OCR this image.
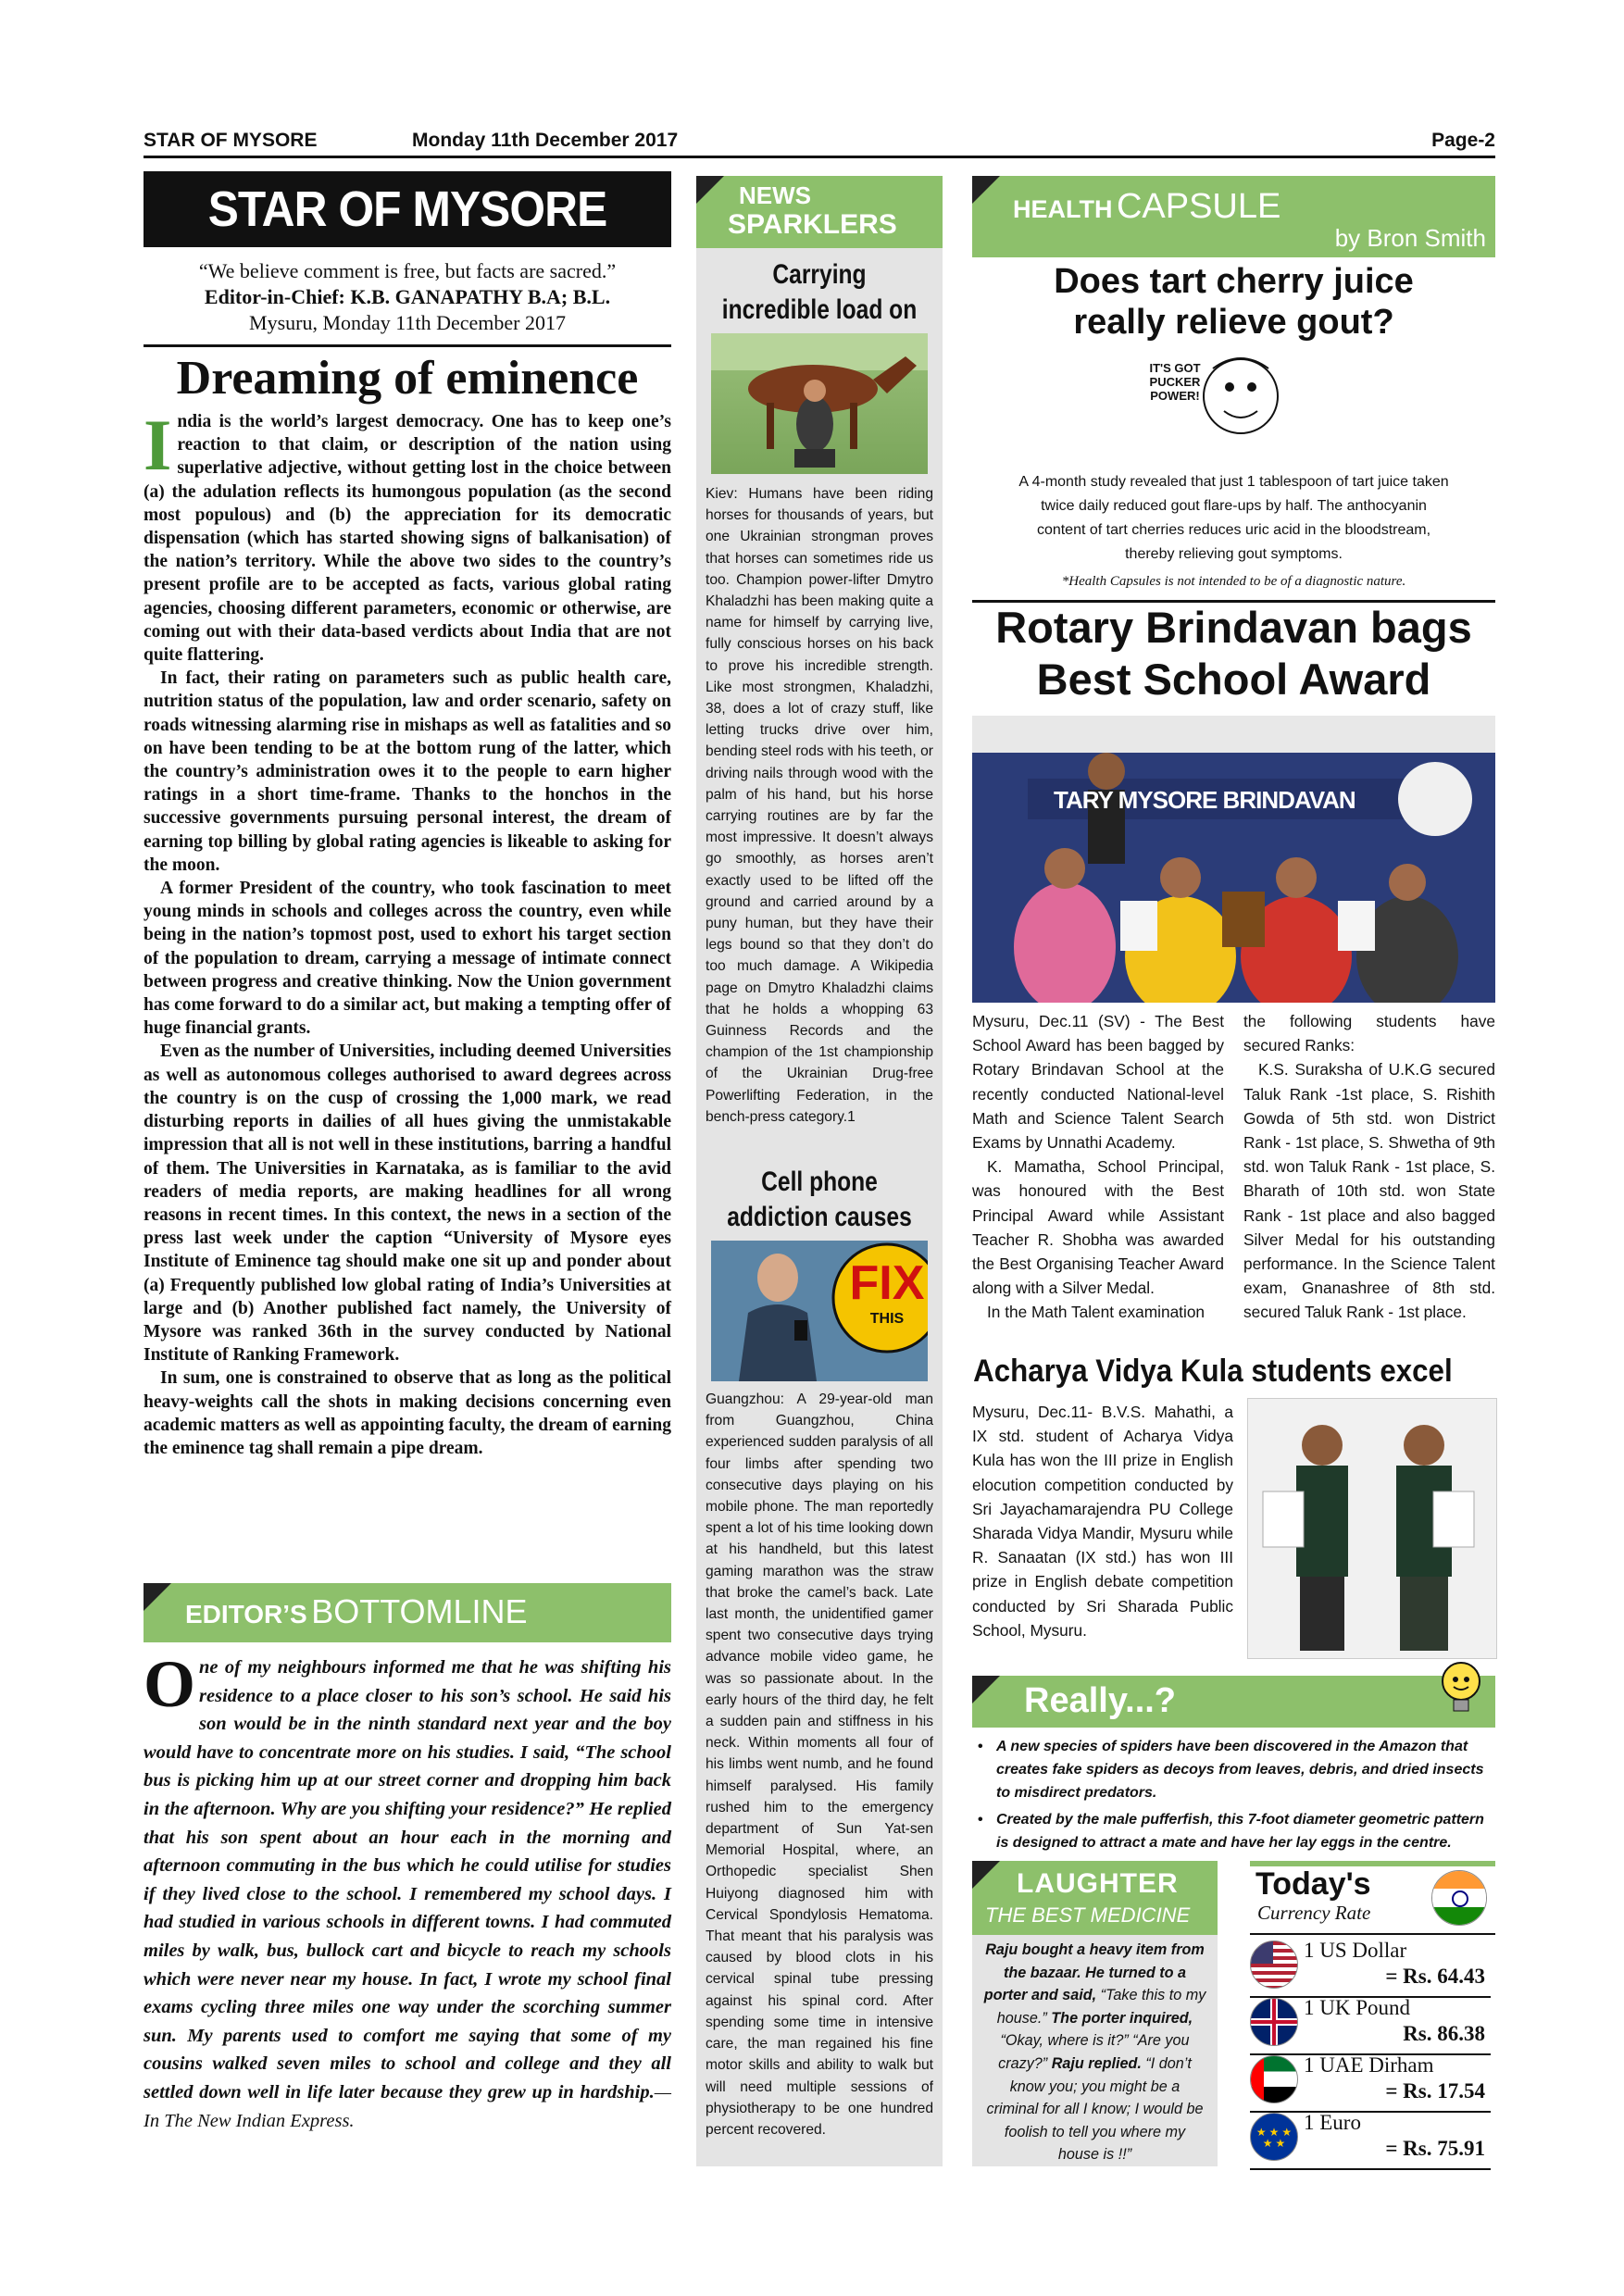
STAR OF MYSORE	Monday 11th December 2017	Page-2
STAR OF MYSORE
“We believe comment is free, but facts are sacred.”
Editor-in-Chief: K.B. GANAPATHY B.A; B.L.
Mysuru, Monday 11th December 2017
Dreaming of eminence

India is the world’s largest democracy. One has to keep one’s reaction to that claim, or description of the nation using superlative adjective, without getting lost in the choice between (a) the adulation reflects its humongous population (as the second most populous) and (b) the appreciation for its democratic dispensation (which has started showing signs of balkanisation) of the nation’s territory. While the above two sides to the country’s present profile are to be accepted as facts, various global rating agencies, choosing different parameters, economic or otherwise, are coming out with their data-based verdicts about India that are not quite flattering.

In fact, their rating on parameters such as public health care, nutrition status of the population, law and order scenario, safety on roads witnessing alarming rise in mishaps as well as fatalities and so on have been tending to be at the bottom rung of the latter, which the country’s administration owes it to the people to earn higher ratings in a short time-frame. Thanks to the honchos in the successive governments pursuing personal interest, the dream of earning top billing by global rating agencies is likeable to asking for the moon.

A former President of the country, who took fascination to meet young minds in schools and colleges across the country, even while being in the nation’s topmost post, used to exhort his target section of the population to dream, carrying a message of intimate connect between progress and creative thinking. Now the Union government has come forward to do a similar act, but making a tempting offer of huge financial grants.

Even as the number of Universities, including deemed Universities as well as autonomous colleges authorised to award degrees across the country is on the cusp of crossing the 1,000 mark, we read disturbing reports in dailies of all hues giving the unmistakable impression that all is not well in these institutions, barring a handful of them. The Universities in Karnataka, as is familiar to the avid readers of media reports, are making headlines for all wrong reasons in recent times. In this context, the news in a section of the press last week under the caption “University of Mysore eyes Institute of Eminence tag should make one sit up and ponder about (a) Frequently published low global rating of India’s Universities at large and (b) Another published fact namely, the University of Mysore was ranked 36th in the survey conducted by National Institute of Ranking Framework.

In sum, one is constrained to observe that as long as the political heavy-weights call the shots in making decisions concerning even academic matters as well as appointing faculty, the dream of earning the eminence tag shall remain a pipe dream.

EDITOR’S BOTTOMLINE
One of my neighbours informed me that he was shifting his residence to a place closer to his son’s school. He said his son would be in the ninth standard next year and the boy would have to concentrate more on his studies. I said, “The school bus is picking him up at our street corner and dropping him back in the afternoon. Why are you shifting your residence?” He replied that his son spent about an hour each in the morning and afternoon commuting in the bus which he could utilise for studies if they lived close to the school. I remembered my school days. I had studied in various schools in different towns. I had commuted miles by walk, bus, bullock cart and bicycle to reach my schools which were never near my house. In fact, I wrote my school final exams cycling three miles one way under the scorching summer sun. My parents used to comfort me saying that some of my cousins walked seven miles to school and college and they all settled down well in life later because they grew up in hardship.— In The New Indian Express.
NEWS
SPARKLERS
Carrying incredible load on
Kiev: Humans have been riding horses for thousands of years, but one Ukrainian strongman proves that horses can sometimes ride us too. Champion power-lifter Dmytro Khaladzhi has been making quite a name for himself by carrying live, fully conscious horses on his back to prove his incredible strength. Like most strongmen, Khaladzhi, 38, does a lot of crazy stuff, like letting trucks drive over him, bending steel rods with his teeth, or driving nails through wood with the palm of his hand, but his horse carrying routines are by far the most impressive. It doesn’t always go smoothly, as horses aren’t exactly used to be lifted off the ground and carried around by a puny human, but they have their legs bound so that they don’t do too much damage. A Wikipedia page on Dmytro Khaladzhi claims that he holds a whopping 63 Guinness Records and the champion of the 1st championship of the Ukrainian Drug-free Powerlifting Federation, in the bench-press category.1
Cell phone addiction causes
FIX
THIS
Guangzhou: A 29-year-old man from Guangzhou, China experienced sudden paralysis of all four limbs after spending two consecutive days playing on his mobile phone. The man reportedly spent a lot of his time looking down at his handheld, but this latest gaming marathon was the straw that broke the camel’s back. Late last month, the unidentified gamer spent two consecutive days trying advance mobile video game, he was so passionate about. In the early hours of the third day, he felt a sudden pain and stiffness in his neck. Within moments all four of his limbs went numb, and he found himself paralysed. His family rushed him to the emergency department of Sun Yat-sen Memorial Hospital, where, an Orthopedic specialist Shen Huiyong diagnosed him with Cervical Spondylosis Hematoma. That meant that his paralysis was caused by blood clots in his cervical spinal tube pressing against his spinal cord. After spending some time in intensive care, the man regained his fine motor skills and ability to walk but will need multiple sessions of physiotherapy to be one hundred percent recovered.
HEALTH CAPSULE
by Bron Smith
Does tart cherry juice
really relieve gout?
IT'S GOT PUCKER POWER!
A 4-month study revealed that just 1 tablespoon of tart juice taken twice daily reduced gout flare-ups by half. The anthocyanin content of tart cherries reduces uric acid in the bloodstream, thereby relieving gout symptoms.
*Health Capsules is not intended to be of a diagnostic nature.
Rotary Brindavan bags
Best School Award
TARY MYSORE BRINDAVAN

Mysuru, Dec.11 (SV) - The Best School Award has been bagged by Rotary Brindavan School at the recently conducted National-level Math and Science Talent Search Exams by Unnathi Academy.

K. Mamatha, School Principal, was honoured with the Best Principal Award while Assistant Teacher R. Shobha was awarded the Best Organising Teacher Award along with a Silver Medal.

In the Math Talent examination

the following students have secured Ranks:

K.S. Suraksha of U.K.G secured Taluk Rank -1st place, S. Rishith Gowda of 5th std. won District Rank - 1st place, S. Shwetha of 9th std. won Taluk Rank - 1st place, S. Bharath of 10th std. won State Rank - 1st place and also bagged Silver Medal for his outstanding performance. In the Science Talent exam, Gnanashree of 8th std. secured Taluk Rank - 1st place.

Acharya Vidya Kula students excel
Mysuru, Dec.11- B.V.S. Mahathi, a IX std. student of Acharya Vidya Kula has won the III prize in English elocution competition conducted by Sri Jayachamarajendra PU College Sharada Vidya Mandir, Mysuru while R. Sanaatan (IX std.) has won III prize in English debate competition conducted by Sri Sharada Public School, Mysuru.
Really...?
• A new species of spiders have been discovered in the Amazon that creates fake spiders as decoys from leaves, debris, and dried insects to misdirect predators.
• Created by the male pufferfish, this 7-foot diameter geometric pattern is designed to attract a mate and have her lay eggs in the centre.
LAUGHTER
THE BEST MEDICINE
Raju bought a heavy item from the bazaar. He turned to a porter and said, “Take this to my house.” The porter inquired, “Okay, where is it?” “Are you crazy?” Raju replied. “I don’t know you; you might be a criminal for all I know; I would be foolish to tell you where my house is !!”
Today's
Currency Rate
1 US Dollar
= Rs. 64.43
1 UK Pound
Rs. 86.38
1 UAE Dirham
= Rs. 17.54
★ ★ ★
★ ★
1 Euro
= Rs. 75.91
